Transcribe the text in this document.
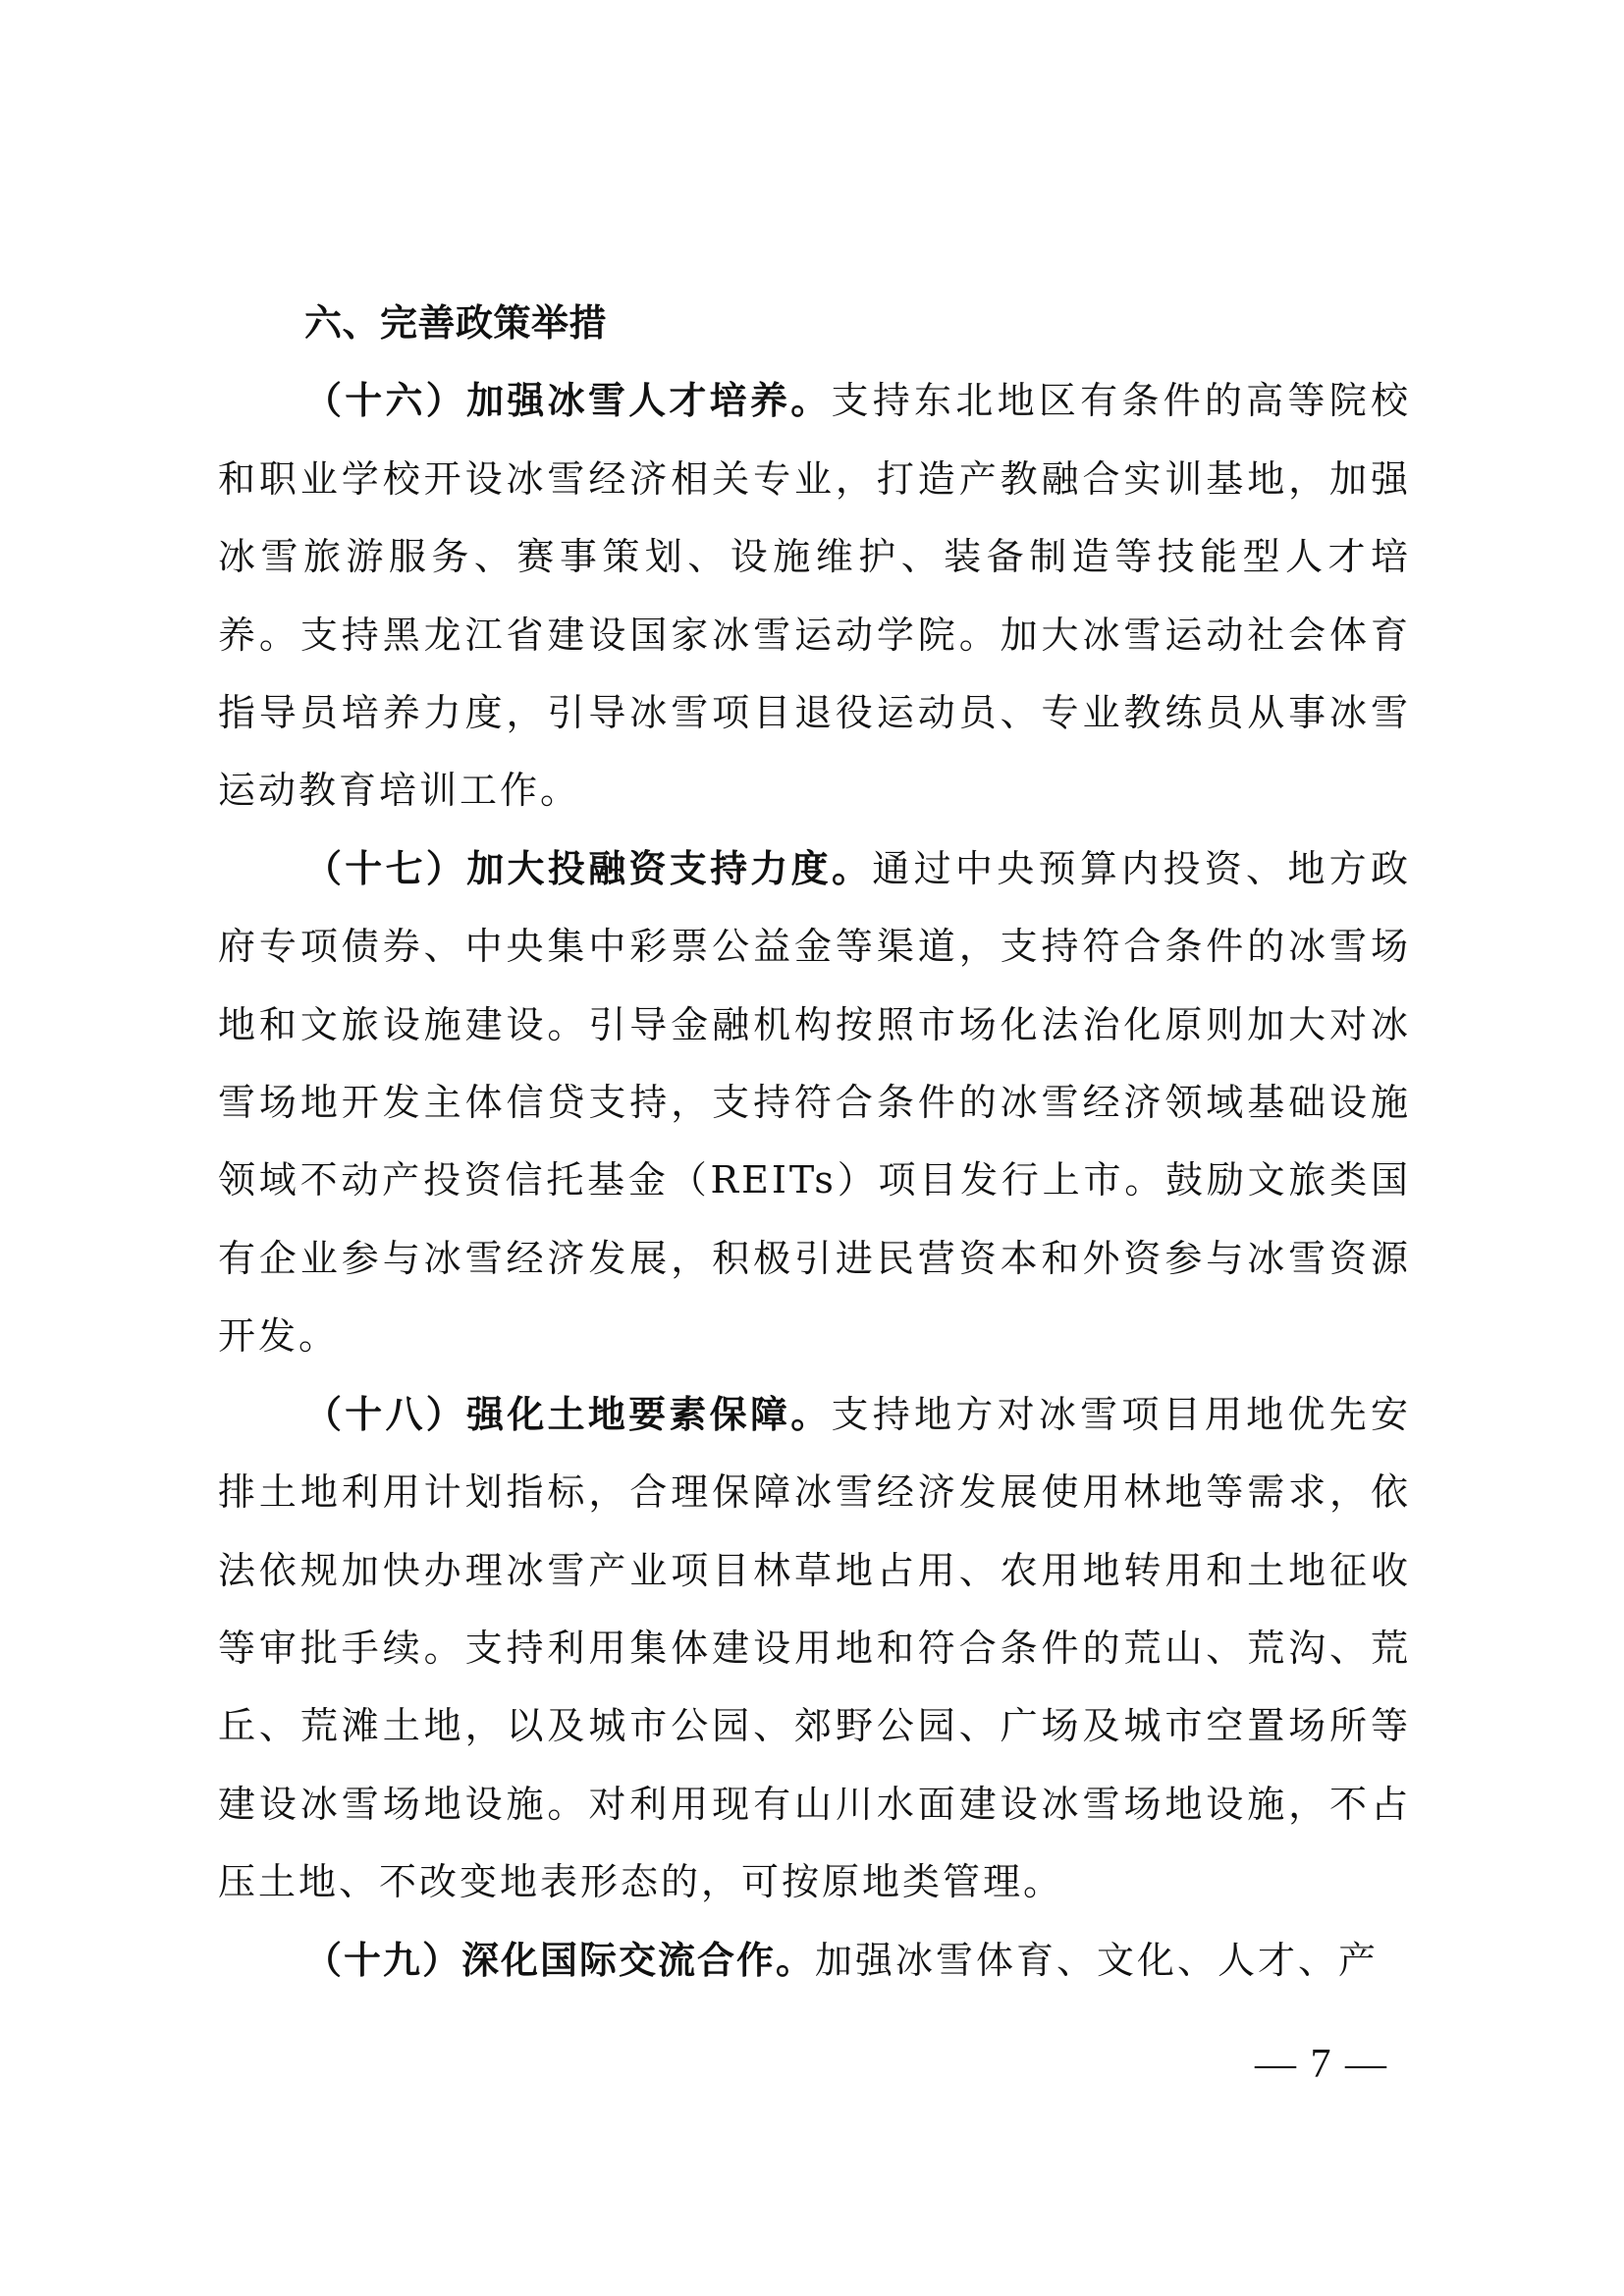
六、完善政策举措

（十六）加强冰雪人才培养。支持东北地区有条件的高等院校和职业学校开设冰雪经济相关专业，打造产教融合实训基地，加强冰雪旅游服务、赛事策划、设施维护、装备制造等技能型人才培养。支持黑龙江省建设国家冰雪运动学院。加大冰雪运动社会体育指导员培养力度，引导冰雪项目退役运动员、专业教练员从事冰雪运动教育培训工作。

（十七）加大投融资支持力度。通过中央预算内投资、地方政府专项债券、中央集中彩票公益金等渠道，支持符合条件的冰雪场地和文旅设施建设。引导金融机构按照市场化法治化原则加大对冰雪场地开发主体信贷支持，支持符合条件的冰雪经济领域基础设施领域不动产投资信托基金（REITs）项目发行上市。鼓励文旅类国有企业参与冰雪经济发展，积极引进民营资本和外资参与冰雪资源开发。

（十八）强化土地要素保障。支持地方对冰雪项目用地优先安排土地利用计划指标，合理保障冰雪经济发展使用林地等需求，依法依规加快办理冰雪产业项目林草地占用、农用地转用和土地征收等审批手续。支持利用集体建设用地和符合条件的荒山、荒沟、荒丘、荒滩土地，以及城市公园、郊野公园、广场及城市空置场所等建设冰雪场地设施。对利用现有山川水面建设冰雪场地设施，不占压土地、不改变地表形态的，可按原地类管理。

（十九）深化国际交流合作。加强冰雪体育、文化、人才、产

— 7 —
